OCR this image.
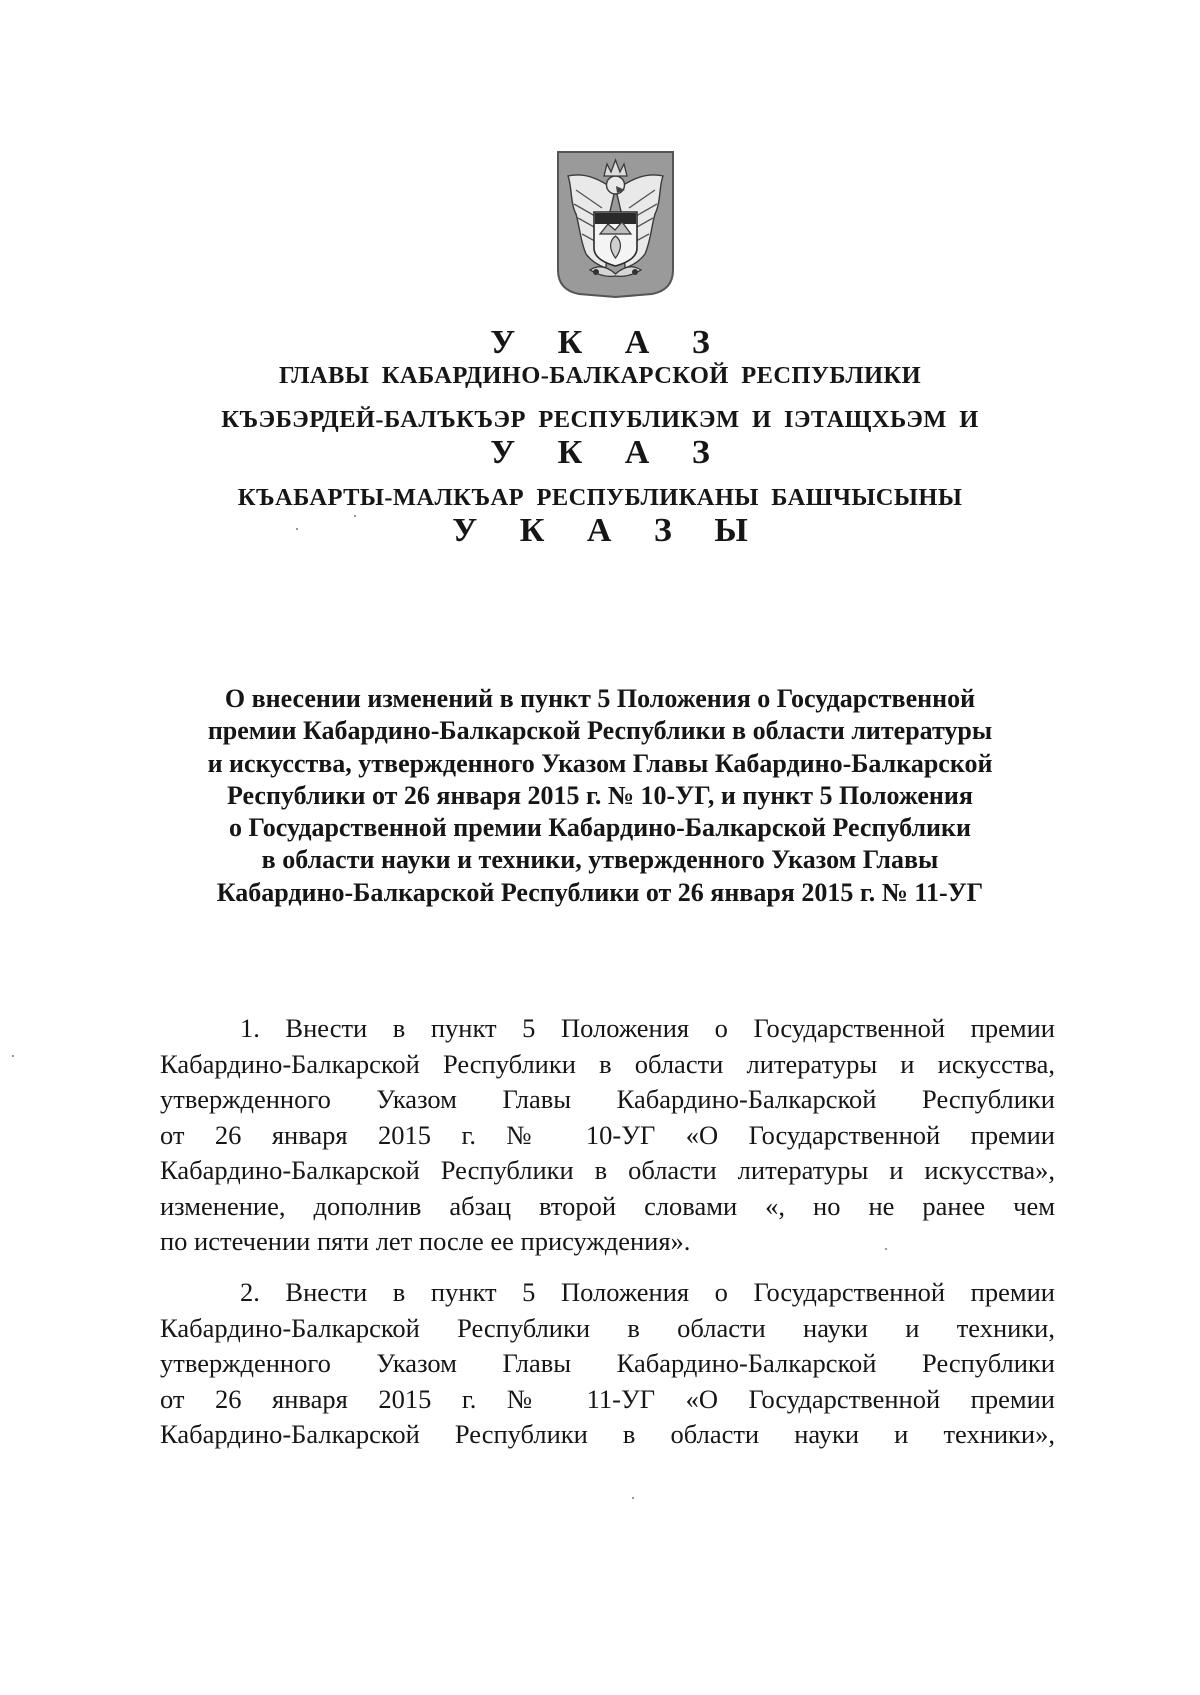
У К А З
ГЛАВЫ КАБАРДИНО-БАЛКАРСКОЙ РЕСПУБЛИКИ
КЪЭБЭРДЕЙ-БАЛЪКЪЭР РЕСПУБЛИКЭМ И ІЭТАЩХЬЭМ И
У К А З
КЪАБАРТЫ-МАЛКЪАР РЕСПУБЛИКАНЫ БАШЧЫСЫНЫ
У К А З Ы
О внесении изменений в пункт 5 Положения о Государственной
премии Кабардино-Балкарской Республики в области литературы
и искусства, утвержденного Указом Главы Кабардино-Балкарской
Республики от 26 января 2015 г. № 10-УГ, и пункт 5 Положения
о Государственной премии Кабардино-Балкарской Республики
в области науки и техники, утвержденного Указом Главы
Кабардино-Балкарской Республики от 26 января 2015 г. № 11-УГ
1. Внести в пункт 5 Положения о Государственной премии
Кабардино-Балкарской Республики в области литературы и искусства,
утвержденного Указом Главы Кабардино-Балкарской Республики
от 26 января 2015 г. № 10-УГ «О Государственной премии
Кабардино-Балкарской Республики в области литературы и искусства»,
изменение, дополнив абзац второй словами «, но не ранее чем
по истечении пяти лет после ее присуждения».
2. Внести в пункт 5 Положения о Государственной премии
Кабардино-Балкарской Республики в области науки и техники,
утвержденного Указом Главы Кабардино-Балкарской Республики
от 26 января 2015 г. № 11-УГ «О Государственной премии
Кабардино-Балкарской Республики в области науки и техники»,
